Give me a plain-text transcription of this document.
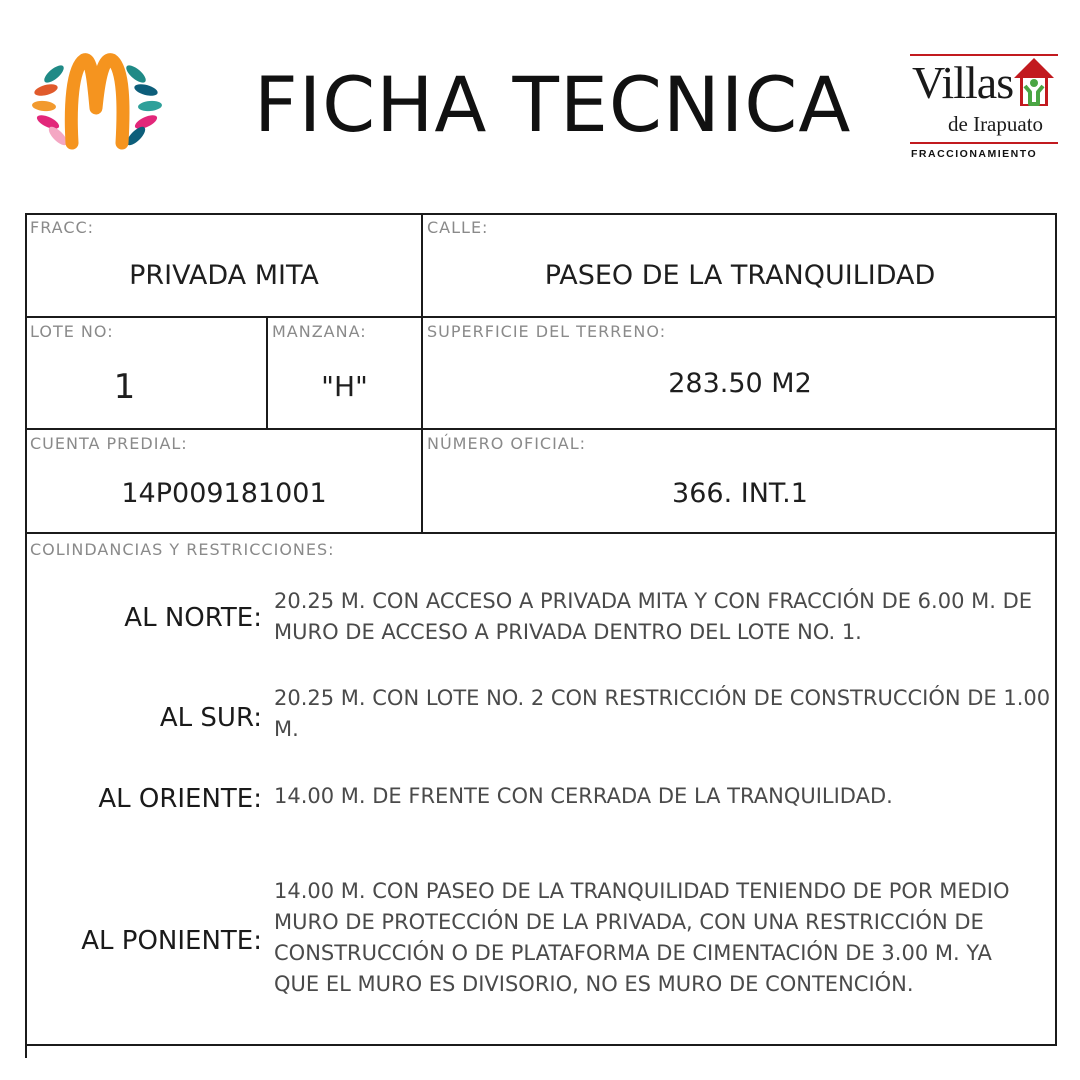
FICHA TECNICA Villas
de Irapuato
FRACCIONAMIENTO
FRACC:
PRIVADA MITA
CALLE:
PASEO DE LA TRANQUILIDAD
LOTE NO:
1
MANZANA:
"H"
SUPERFICIE DEL TERRENO:
283.50 M2
CUENTA PREDIAL:
14P009181001
NÚMERO OFICIAL:
366. INT.1
COLINDANCIAS Y RESTRICCIONES:
AL NORTE:
20.25 M. CON ACCESO A PRIVADA MITA Y CON FRACCIÓN DE 6.00 M. DE MURO DE ACCESO A PRIVADA DENTRO DEL LOTE NO. 1.
AL SUR:
20.25 M. CON LOTE NO. 2 CON RESTRICCIÓN DE CONSTRUCCIÓN DE 1.00 M.
AL ORIENTE: 14.00 M. DE FRENTE CON CERRADA DE LA TRANQUILIDAD.
AL PONIENTE:
14.00 M. CON PASEO DE LA TRANQUILIDAD TENIENDO DE POR MEDIO MURO DE PROTECCIÓN DE LA PRIVADA, CON UNA RESTRICCIÓN DE CONSTRUCCIÓN O DE PLATAFORMA DE CIMENTACIÓN DE 3.00 M. YA QUE EL MURO ES DIVISORIO, NO ES MURO DE CONTENCIÓN.
